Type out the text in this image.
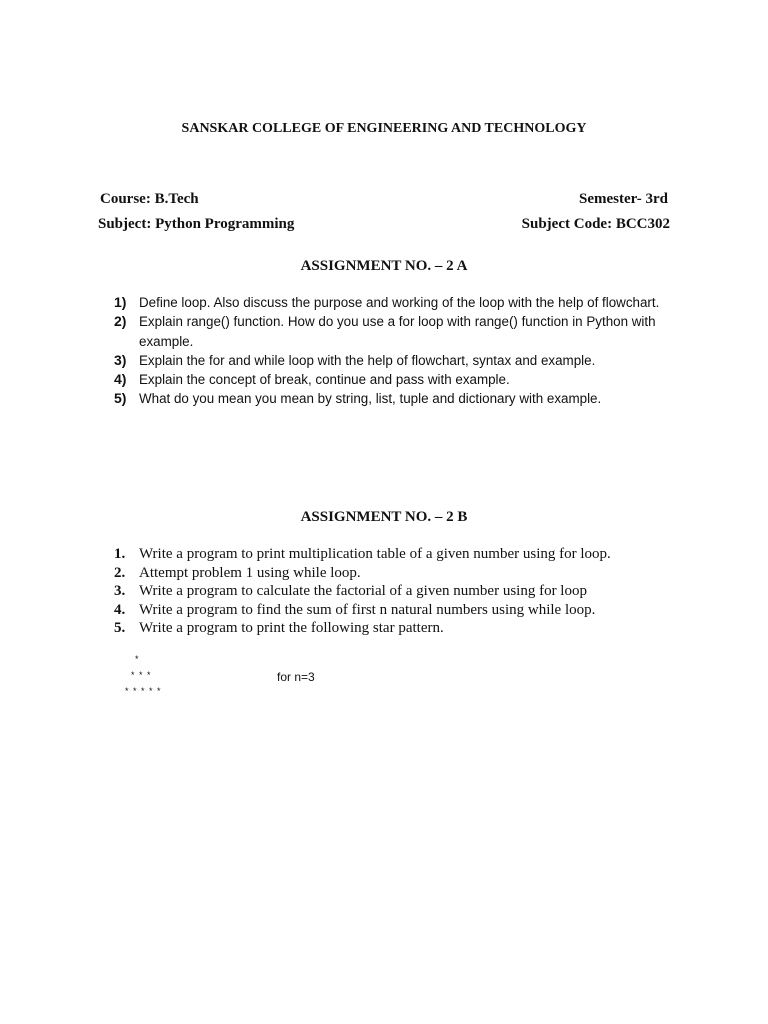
SANSKAR COLLEGE OF ENGINEERING AND TECHNOLOGY
Course: B.Tech	Semester- 3rd
Subject: Python Programming	Subject Code: BCC302
ASSIGNMENT NO. – 2 A
1) Define loop. Also discuss the purpose and working of the loop with the help of flowchart.
2) Explain range() function. How do you use a for loop with range() function in Python with example.
3) Explain the for and while loop with the help of flowchart, syntax and example.
4) Explain the concept of break, continue and pass with example.
5) What do you mean you mean by string, list, tuple and dictionary with example.
ASSIGNMENT NO. – 2 B
1. Write a program to print multiplication table of a given number using for loop.
2. Attempt problem 1 using while loop.
3. Write a program to calculate the factorial of a given number using for loop
4. Write a program to find the sum of first n natural numbers using while loop.
5. Write a program to print the following star pattern.
*
* * *
* * * * *
for n=3
